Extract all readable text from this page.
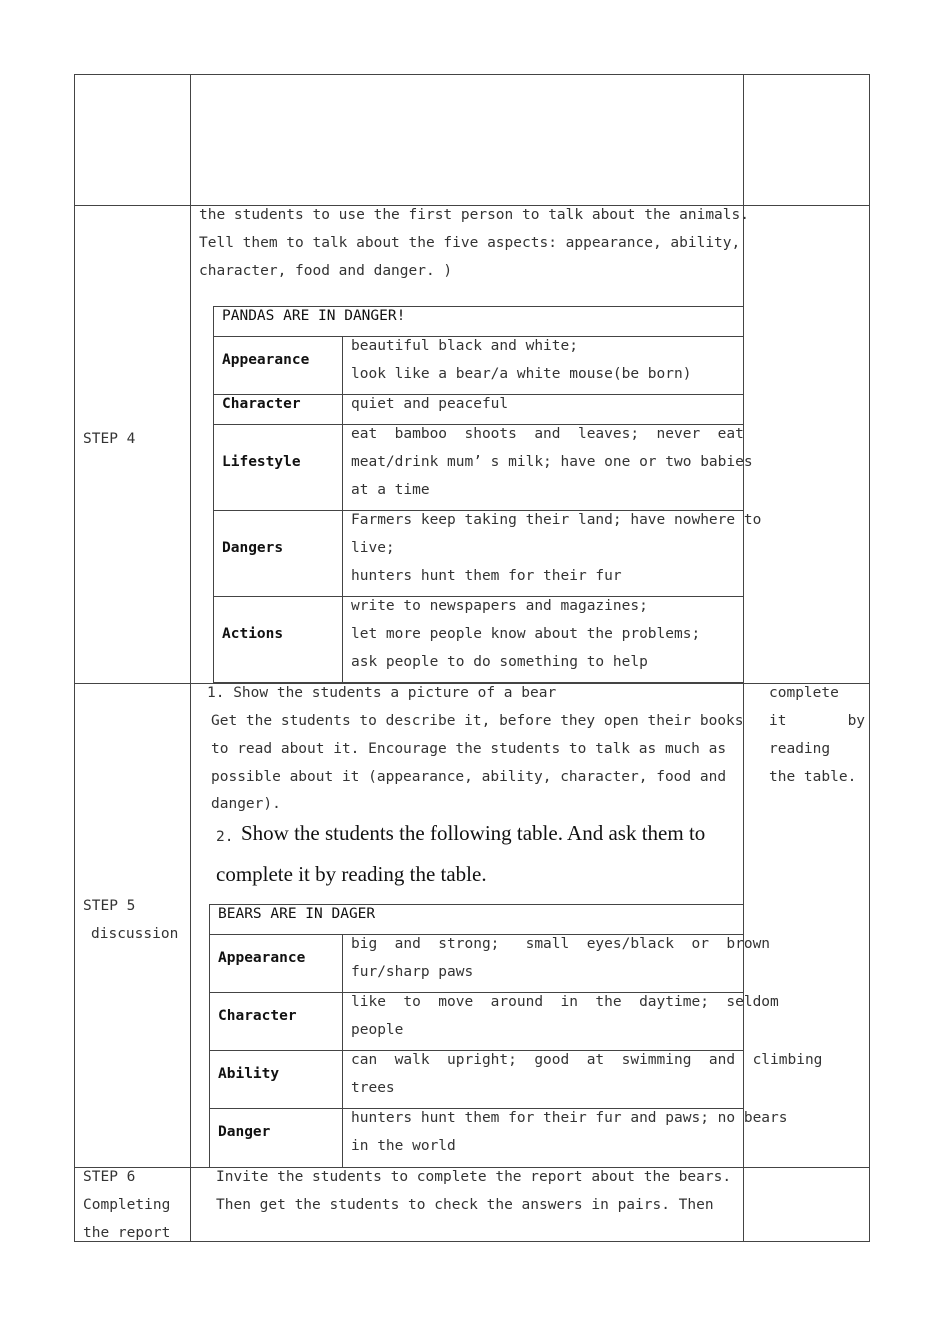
STEP 4
the students to use the first person to talk about the animals.
Tell them to talk about the five aspects: appearance, ability,
character, food and danger. )
PANDAS ARE IN DANGER!
Appearance
beautiful black and white;
look like a bear/a white mouse(be born)
Character	quiet and peaceful
Lifestyle
eat  bamboo  shoots  and  leaves;  never  eat
meat/drink mum’ s milk; have one or two babies
at a time
Dangers
Farmers keep taking their land; have nowhere to
live;
hunters hunt them for their fur
Actions
write to newspapers and magazines;
let more people know about the problems;
ask people to do something to help
STEP 5
discussion
1. Show the students a picture of a bear
Get the students to describe it, before they open their books
to read about it. Encourage the students to talk as much as
possible about it (appearance, ability, character, food and
danger).
2. Show the students the following table. And ask them to
complete it by reading the table.
complete
it       by
reading
the table.
BEARS ARE IN DAGER
Appearance
big  and  strong;   small  eyes/black  or  brown
fur/sharp paws
Character
like  to  move  around  in  the  daytime;  seldom
people
Ability
can  walk  upright;  good  at  swimming  and  climbing
trees
Danger
hunters hunt them for their fur and paws; no bears
in the world
STEP 6
Completing
the report
Invite the students to complete the report about the bears.
Then get the students to check the answers in pairs. Then
